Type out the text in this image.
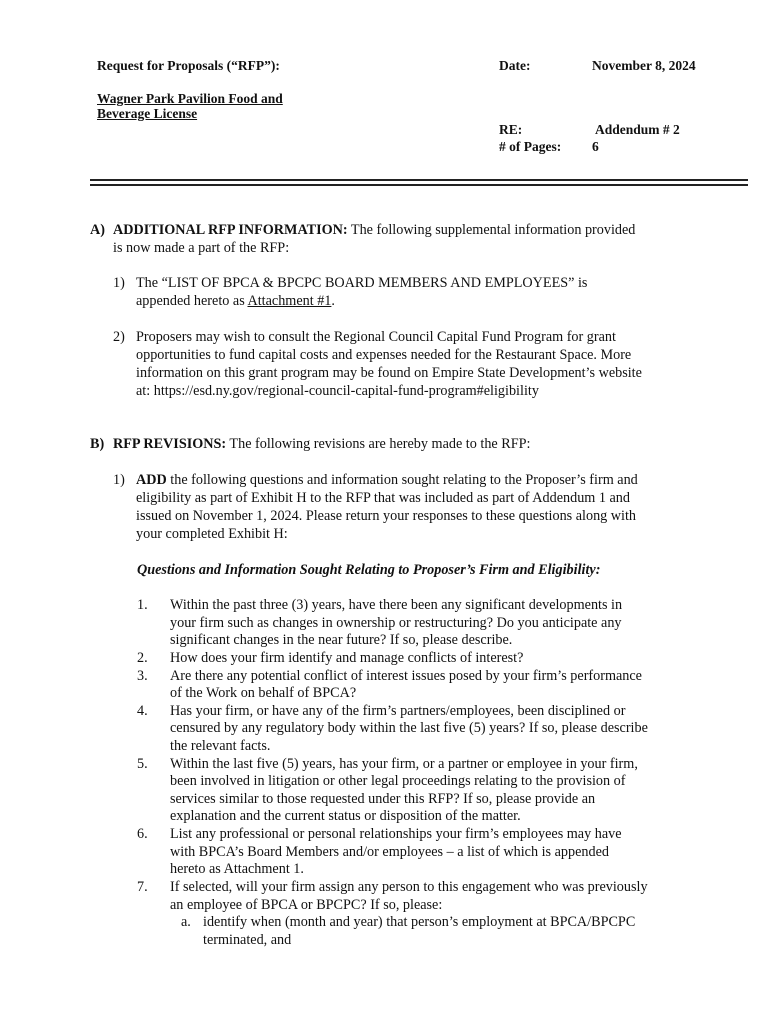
Request for Proposals (“RFP”):	Date:	November 8, 2024
Wagner Park Pavilion Food and
Beverage License
RE:	Addendum # 2
# of Pages: 6
A) ADDITIONAL RFP INFORMATION: The following supplemental information provided
is now made a part of the RFP:
1) The “LIST OF BPCA & BPCPC BOARD MEMBERS AND EMPLOYEES” is
appended hereto as Attachment #1.
2) Proposers may wish to consult the Regional Council Capital Fund Program for grant
opportunities to fund capital costs and expenses needed for the Restaurant Space. More
information on this grant program may be found on Empire State Development’s website
at: https://esd.ny.gov/regional-council-capital-fund-program#eligibility
B) RFP REVISIONS: The following revisions are hereby made to the RFP:
1) ADD the following questions and information sought relating to the Proposer’s firm and
eligibility as part of Exhibit H to the RFP that was included as part of Addendum 1 and
issued on November 1, 2024. Please return your responses to these questions along with
your completed Exhibit H:
Questions and Information Sought Relating to Proposer’s Firm and Eligibility:
1. Within the past three (3) years, have there been any significant developments in
your firm such as changes in ownership or restructuring? Do you anticipate any
significant changes in the near future? If so, please describe.
2. How does your firm identify and manage conflicts of interest?
3. Are there any potential conflict of interest issues posed by your firm’s performance
of the Work on behalf of BPCA?
4. Has your firm, or have any of the firm’s partners/employees, been disciplined or
censured by any regulatory body within the last five (5) years? If so, please describe
the relevant facts.
5. Within the last five (5) years, has your firm, or a partner or employee in your firm,
been involved in litigation or other legal proceedings relating to the provision of
services similar to those requested under this RFP? If so, please provide an
explanation and the current status or disposition of the matter.
6. List any professional or personal relationships your firm’s employees may have
with BPCA’s Board Members and/or employees – a list of which is appended
hereto as Attachment 1.
7. If selected, will your firm assign any person to this engagement who was previously
an employee of BPCA or BPCPC? If so, please:
a. identify when (month and year) that person’s employment at BPCA/BPCPC
terminated, and
